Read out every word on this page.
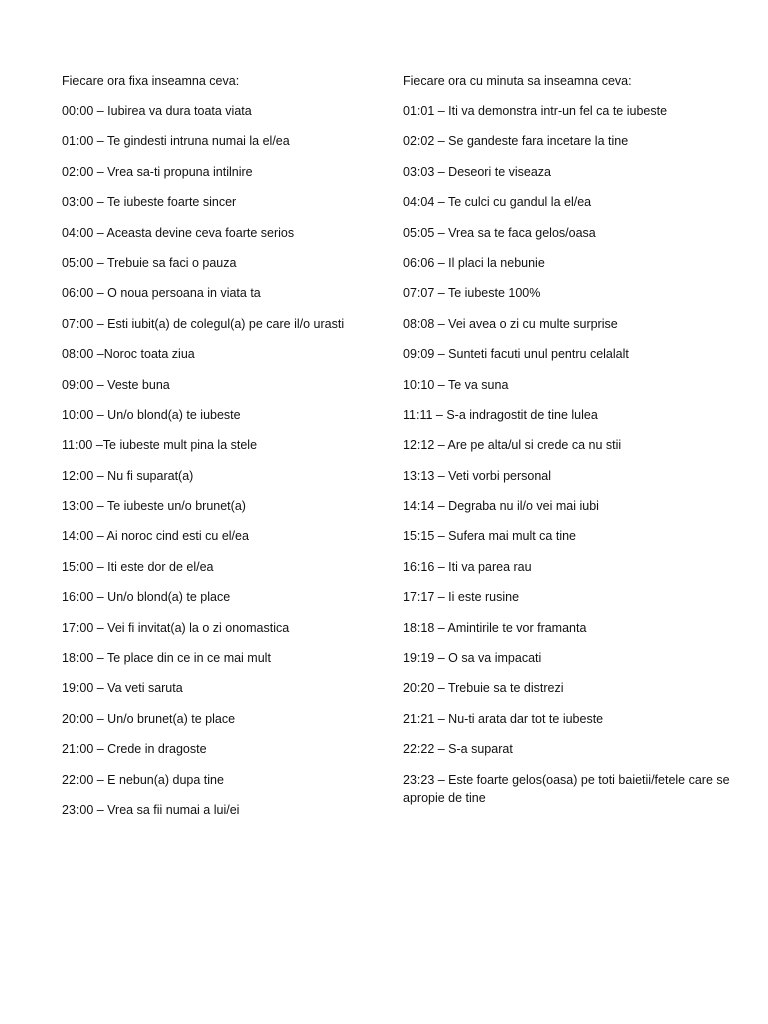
Fiecare ora fixa inseamna ceva:
00:00 – Iubirea va dura toata viata
01:00 – Te gindesti intruna numai la el/ea
02:00 – Vrea sa-ti propuna intilnire
03:00 – Te iubeste foarte sincer
04:00 – Aceasta devine ceva foarte serios
05:00 – Trebuie sa faci o pauza
06:00 – O noua persoana in viata ta
07:00 – Esti iubit(a) de colegul(a) pe care il/o urasti
08:00 –Noroc toata ziua
09:00 – Veste buna
10:00 – Un/o blond(a) te iubeste
11:00 –Te iubeste mult pina la stele
12:00 – Nu fi suparat(a)
13:00 – Te iubeste un/o brunet(a)
14:00 – Ai noroc cind esti cu el/ea
15:00 – Iti este dor de el/ea
16:00 – Un/o blond(a) te place
17:00 – Vei fi invitat(a) la o zi onomastica
18:00 – Te place din ce in ce mai mult
19:00 – Va veti saruta
20:00 – Un/o brunet(a) te place
21:00 – Crede in dragoste
22:00 – E nebun(a) dupa tine
23:00 – Vrea sa fii numai a lui/ei
Fiecare ora cu minuta sa inseamna ceva:
01:01 – Iti va demonstra intr-un fel ca te iubeste
02:02 – Se gandeste fara incetare la tine
03:03 – Deseori te viseaza
04:04 – Te culci cu gandul la el/ea
05:05 – Vrea sa te faca gelos/oasa
06:06 – Il placi la nebunie
07:07 – Te iubeste 100%
08:08 – Vei avea o zi cu multe surprise
09:09 – Sunteti facuti unul pentru celalalt
10:10 – Te va suna
11:11 – S-a indragostit de tine lulea
12:12 – Are pe alta/ul si crede ca nu stii
13:13 – Veti vorbi personal
14:14 – Degraba nu il/o vei mai iubi
15:15 – Sufera mai mult ca tine
16:16 – Iti va parea rau
17:17 – Ii este rusine
18:18 – Amintirile te vor framanta
19:19 – O sa va impacati
20:20 – Trebuie sa te distrezi
21:21 – Nu-ti arata dar tot te iubeste
22:22 – S-a suparat
23:23 – Este foarte gelos(oasa) pe toti baietii/fetele care se apropie de tine
